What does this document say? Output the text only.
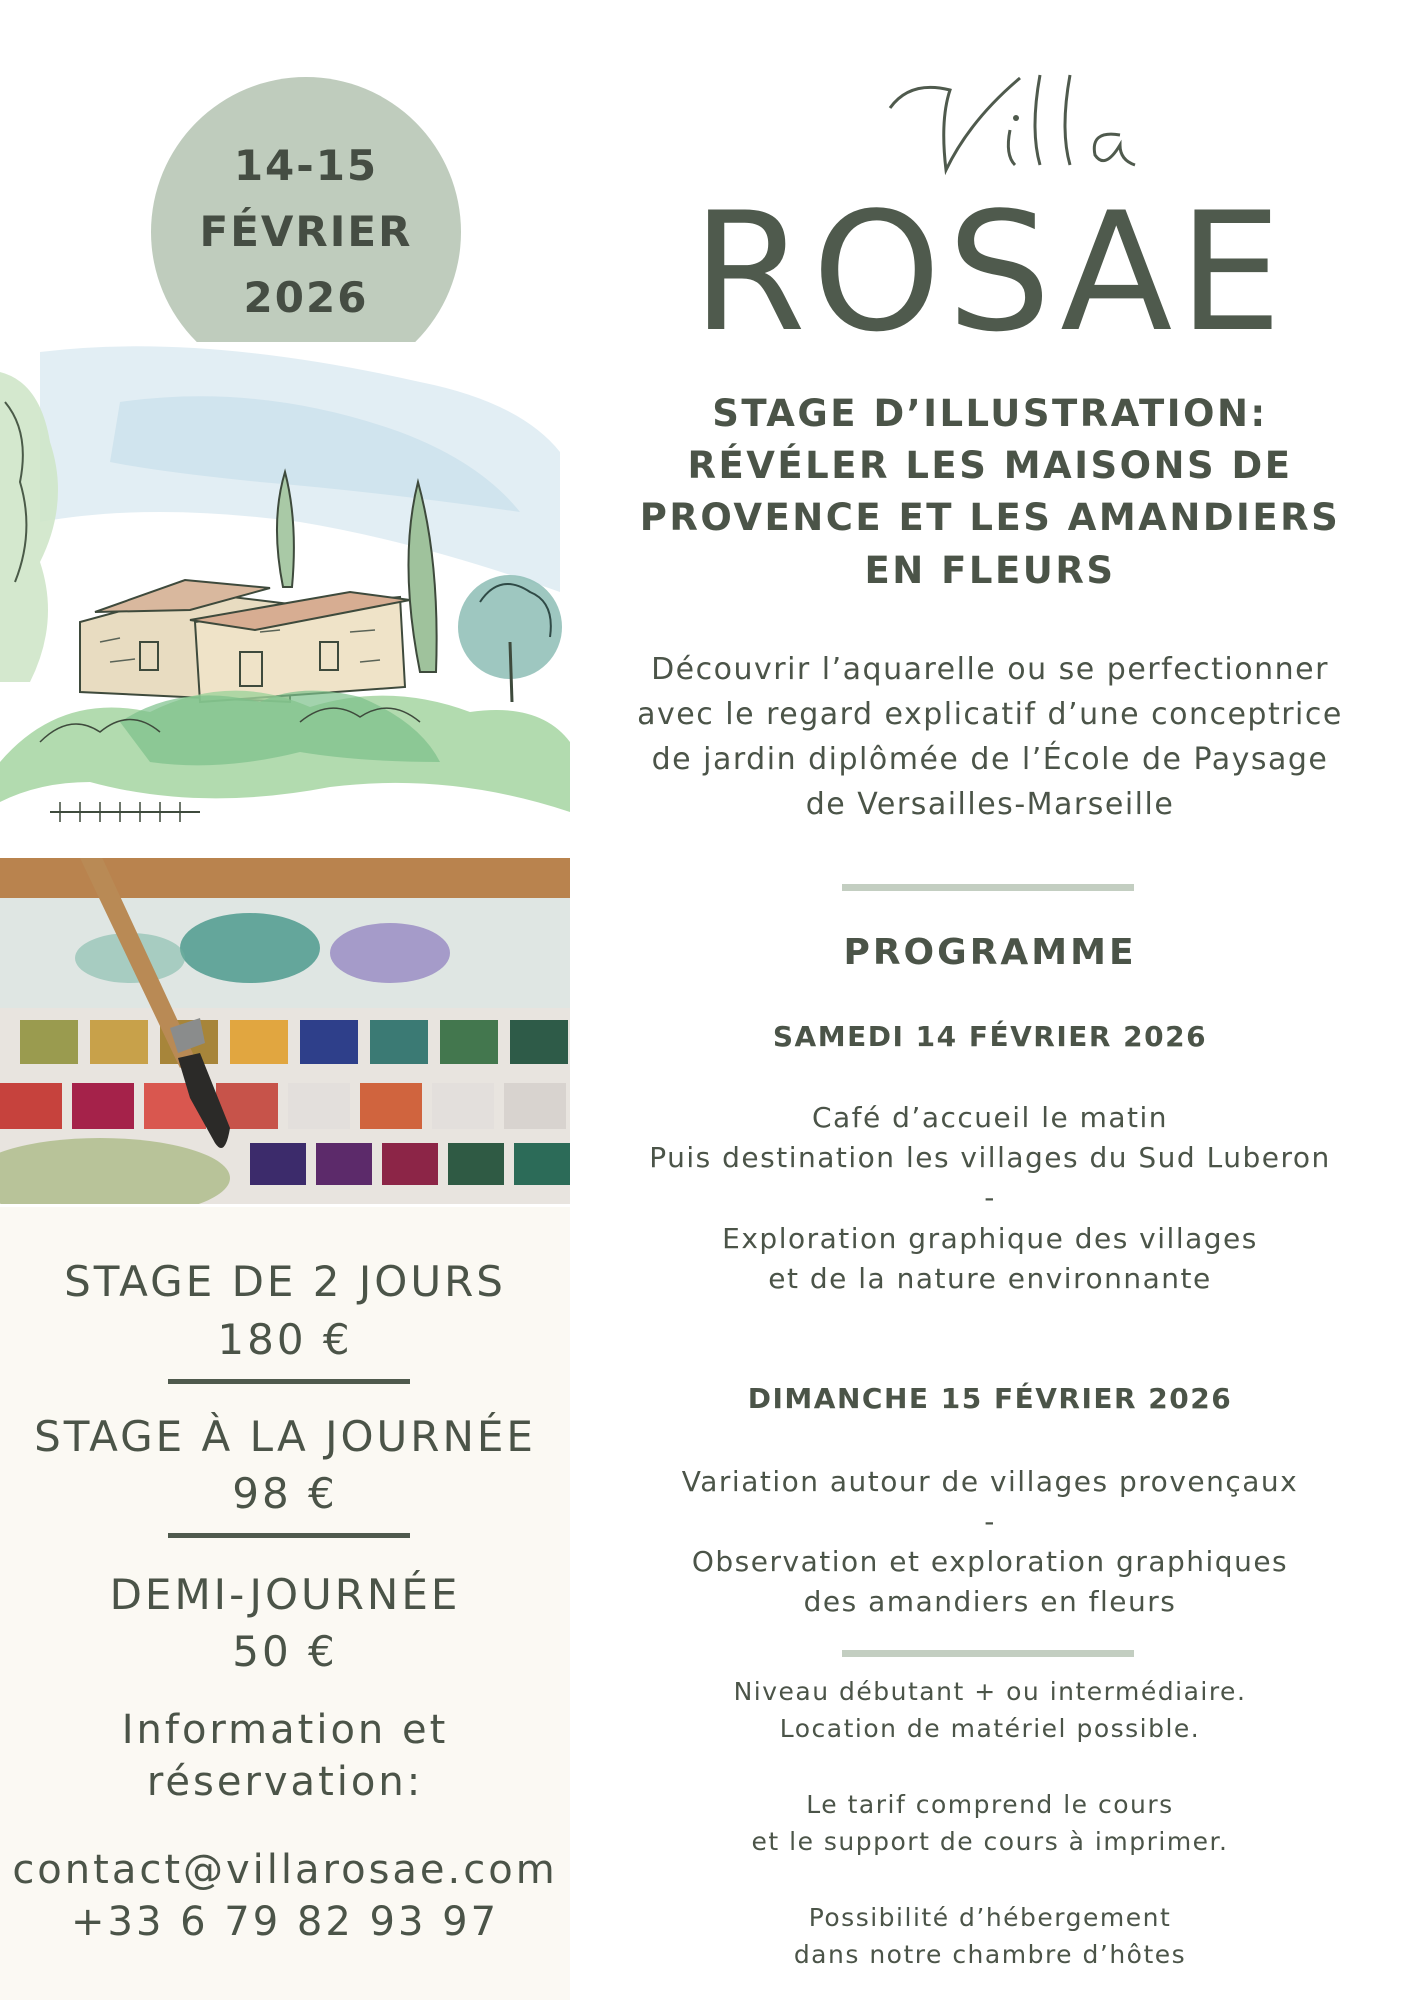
14-15
FÉVRIER
2026
STAGE DE 2 JOURS
180 €
STAGE À LA JOURNÉE
98 €
DEMI-JOURNÉE
50 €
Information et
réservation:
contact@villarosae.com
+33 6 79 82 93 97
ROSAE
STAGE D’ILLUSTRATION:
RÉVÉLER LES MAISONS DE
PROVENCE ET LES AMANDIERS
EN FLEURS
Découvrir l’aquarelle ou se perfectionner
avec le regard explicatif d’une conceptrice
de jardin diplômée de l’École de Paysage
de Versailles-Marseille
PROGRAMME
SAMEDI 14 FÉVRIER 2026
Café d’accueil le matin
Puis destination les villages du Sud Luberon
-
Exploration graphique des villages
et de la nature environnante
DIMANCHE 15 FÉVRIER 2026
Variation autour de villages provençaux
-
Observation et exploration graphiques
des amandiers en fleurs
Niveau débutant + ou intermédiaire.
Location de matériel possible.
Le tarif comprend le cours
et le support de cours à imprimer.
Possibilité d’hébergement
dans notre chambre d’hôtes
